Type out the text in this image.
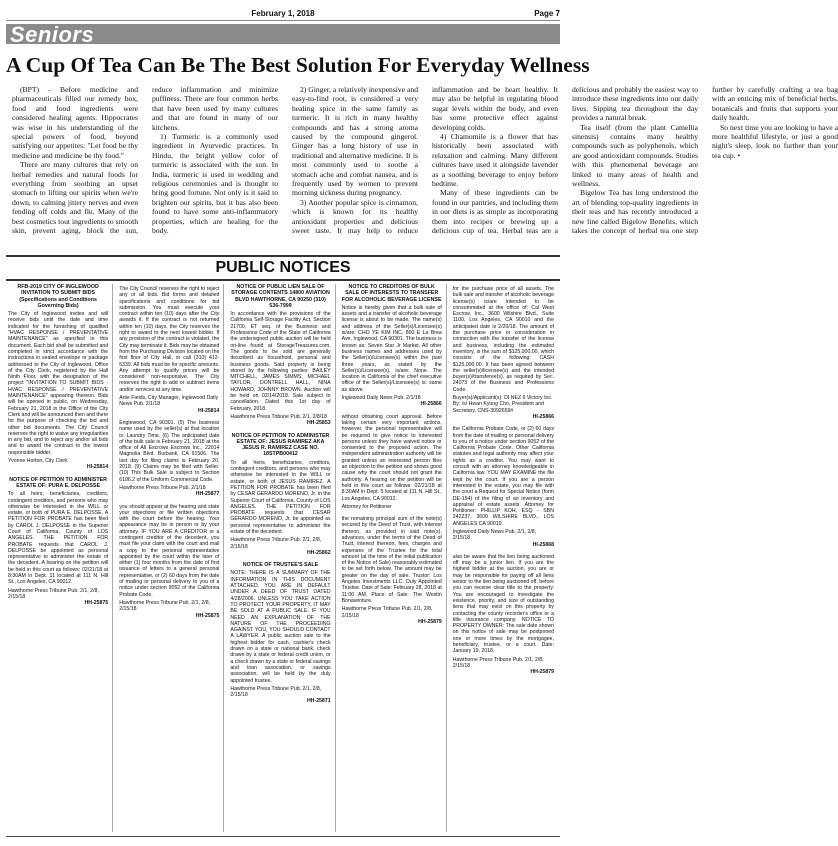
February 1, 2018	Page 7
Seniors
A Cup Of Tea Can Be The Best Solution For Everyday Wellness

(BPT) - Before medicine and pharmaceuticals filled our remedy box, food and food ingredients were considered healing agents. Hippocrates was wise in his understanding of the special powers of food, beyond satisfying our appetites: "Let food be thy medicine and medicine be thy food."

There are many cultures that rely on herbal remedies and natural foods for everything from soothing an upset stomach to lifting our spirits when we're down, to calming jittery nerves and even fending off colds and flu. Many of the best cosmetics tout ingredients to smooth skin, prevent aging, block the sun, reduce inflammation and minimize puffiness. There are four common herbs that have been used by many cultures and that are found in many of our kitchens.

1) Turmeric is a commonly used ingredient in Ayurvedic practices. In Hindu, the bright yellow color of turmeric is associated with the sun. In India, turmeric is used in wedding and religious ceremonies and is thought to bring good fortune. Not only is it said to brighten our spirits, but it has also been found to have some anti-inflammatory properties, which are healing for the body.

2) Ginger, a relatively inexpensive and easy-to-find root, is considered a very healing spice in the same family as turmeric. It is rich in many healthy compounds and has a strong aroma caused by the compound gingerol. Ginger has a long history of use in traditional and alternative medicine. It is most commonly used to soothe a stomach ache and combat nausea, and is frequently used by women to prevent morning sickness during pregnancy.

3) Another popular spice is cinnamon, which is known for its healthy antioxidant properties and delicious sweet taste. It may help to reduce inflammation and be heart healthy. It may also be helpful in regulating blood sugar levels within the body, and even has some protective effect against developing colds.

4) Chamomile is a flower that has historically been associated with relaxation and calming. Many different cultures have used it alongside lavender as a soothing beverage to enjoy before bedtime.

Many of these ingredients can be found in our pantries, and including them in our diets is as simple as incorporating them into recipes or brewing up a delicious cup of tea. Herbal teas are a delicious and probably the easiest way to introduce these ingredients into our daily lives. Sipping tea throughout the day provides a natural break.

Tea itself (from the plant Camellia sinensis) contains many healthy compounds such as polyphenols, which are good antioxidant compounds. Studies with this phenomenal beverage are linked to many areas of health and wellness.

Bigelow Tea has long understood the art of blending top-quality ingredients in their teas and has recently introduced a new line called Bigelow Benefits, which takes the concept of herbal tea one step further by carefully crafting a tea bag with an enticing mix of beneficial herbs, botanicals and fruits that supports your daily health.

So next time you are looking to have a more healthful lifestyle, or just a good night's sleep, look no further than your tea cup. •

PUBLIC NOTICES
RFB-2019 CITY OF INGLEWOOD INVITATION TO SUBMIT BIDS (Specifications and Conditions Governing Bids)
The City of Inglewood invites and will receive bids until the date and time indicated for the furnishing of qualified "HVAC RESPONSE / PREVENTATIVE MAINTENANCE" as specified in this document. Each bid shall be submitted and completed in strict accordance with the instructions in sealed envelope or package addressed to the City of Inglewood, Office of the City Clerk, registered by the Hall Ninth Floor, with the designation of the project "INVITATION TO SUBMIT BIDS - HVAC RESPONSE / PREVENTATIVE MAINTENANCE" appearing thereon. Bids will be opened in public, on Wednesday, February 21, 2018 in the Office of the City Clerk and will be announced then and there for the purpose of checking the bid and other bid documents. The City Council reserves the right to waive any irregularities in any bid, and to reject any and/or all bids and to award the contract to the lowest responsible bidder.
Yvonne Horton, City Clerk
HI-25814
NOTICE OF PETITION TO ADMINISTER ESTATE OF: PURA E. DELPOSSE
To all heirs, beneficiaries, creditors, contingent creditors, and persons who may otherwise be interested in the WILL or estate, or both of PURA E. DELPOSSE. A PETITION FOR PROBATE has been filed by CAROL J. DELPOSSE in the Superior Court of California, County of LOS ANGELES. THE PETITION FOR PROBATE requests that CAROL J. DELPOSSE be appointed as personal representative to administer the estate of the decedent. A hearing on the petition will be held in this court as follows: 02/21/18 at 8:30AM in Dept. 11 located at 111 N. Hill St., Los Angeles, CA 90012.
Hawthorne Press Tribune Pub. 2/1, 2/8, 2/15/18
HH-25875
The City Council reserves the right to reject any or all bids. Bid forms and detailed specifications and conditions for bid submission. You must execute your contract within ten (10) days after the City awards it. If the contract is not returned within ten (10) days, the City reserves the right to award to the next lowest bidder. If any provision of the contract is violated, the City may terminate it. Bids may be obtained from the Purchasing Division located on the first floor of City Hall, or call (310) 412-5339. All bids must be for specific amounts. Any attempt to qualify prices will be considered non-responsive. The City reserves the right to add or subtract items and/or services at any time.
Artie Fields, City Manager, Inglewood Daily News Pub. 2/1/18
HI-25814
Englewood, CA 90301. (5) The business name used by the seller(s) at that location is: Laundry Time. (6) The anticipated date of the bulk sale is February 21, 2018 at the office of All Escrows Escrows Inc., 22014 Magnolia Blvd. Burbank, CA 91506. The last day for filing claims is February 20, 2018. (9) Claims may be filed with Seller. (10) This Bulk Sale is subject to Section 6106.2 of the Uniform Commercial Code.
Hawthorne Press Tribune Pub. 2/1/18
HH-25877
you should appear at the hearing and state your objections or file written objections with the court before the hearing. Your appearance may be in person or by your attorney. IF YOU ARE A CREDITOR or a contingent creditor of the decedent, you must file your claim with the court and mail a copy to the personal representative appointed by the court within the later of either (1) four months from the date of first issuance of letters to a general personal representative, or (2) 60 days from the date of mailing or personal delivery to you of a notice under section 9052 of the California Probate Code.
Hawthorne Press Tribune Pub. 2/1, 2/8, 2/15/18
HH-25875
NOTICE OF PUBLIC LIEN SALE OF STORAGE CONTENTS 14800 AVIATION BLVD HAWTHORNE, CA 90250 (310) 536-7999
In accordance with the provisions of the California Self-Storage Facility Act, Section 21700, ET seq. of the Business and Professions Code of the State of California the undersigned public auction will be held on-line found at StorageTreasures.com. The goods to be sold are generally described as household, personal and business goods. Said property is being stored by the following parties: BAILEY MITCHELL, JAMES SIMMS, MICHAEL TAYLOR, DONTRELL HALL, NINA HOWARD, JOHNNY BROWN. Auction will be held on 02/14/2018. Sale subject to cancellation. Dated this 1st day of February, 2018.
Hawthorne Press Tribune Pub. 2/1, 2/8/18
HH-25853
NOTICE OF PETITION TO ADMINISTER ESTATE OF: JESUS RAMIREZ AKA JESUS R. RAMIREZ CASE NO. 18STPB00412
To all heirs, beneficiaries, creditors, contingent creditors, and persons who may otherwise be interested in the WILL or estate, or both of JESUS RAMIREZ. A PETITION FOR PROBATE has been filed by CESAR GERARDO MORENO, Jr. in the Superior Court of California, County of LOS ANGELES. THE PETITION FOR PROBATE requests that CESAR GERARDO MORENO, Jr. be appointed as personal representative to administer the estate of the decedent.
Hawthorne Press Tribune Pub. 2/1, 2/8, 2/15/18
HH-25862
NOTICE OF TRUSTEE'S SALE
NOTE: THERE IS A SUMMARY OF THE INFORMATION IN THIS DOCUMENT ATTACHED. YOU ARE IN DEFAULT UNDER A DEED OF TRUST DATED 4/28/2006. UNLESS YOU TAKE ACTION TO PROTECT YOUR PROPERTY, IT MAY BE SOLD AT A PUBLIC SALE. IF YOU NEED AN EXPLANATION OF THE NATURE OF THE PROCEEDING AGAINST YOU, YOU SHOULD CONTACT A LAWYER. A public auction sale to the highest bidder for cash, cashier's check drawn on a state or national bank, check drawn by a state or federal credit union, or a check drawn by a state or federal savings and loan association, or savings association, will be held by the duly appointed trustee.
Hawthorne Press Tribune Pub. 2/1, 2/8, 2/15/18
HH-25871
NOTICE TO CREDITORS OF BULK SALE OF INTERESTS TO TRANSFER FOR ALCOHOLIC BEVERAGE LICENSE
Notice is hereby given that a bulk sale of assets and a transfer of alcoholic beverage license is about to be made. The name(s) and address of the Seller(s)/Licensee(s) is/are: CHO YE KIM INC, 800 E La Brea Ave, Inglewood, CA 90301. The business is known as: Seven Star Jr Market. All other business names and addresses used by the Seller(s)/Licensee(s) within the past three years, as stated by the Seller(s)/Licensee(s), is/are: None. The location in California of the chief executive office of the Seller(s)/Licensee(s) is: same as above.
Inglewood Daily News Pub. 2/1/18
HI-25866
without obtaining court approval. Before taking certain very important actions, however, the personal representative will be required to give notice to interested persons unless they have waived notice or consented to the proposed action. The independent administration authority will be granted unless an interested person files an objection to the petition and shows good cause why the court should not grant the authority. A hearing on the petition will be held in this court as follows: 02/21/18 at 8:30AM in Dept. 5 located at 111 N. Hill St., Los Angeles, CA 90012.
Attorney for Petitioner
the remaining principal sum of the note(s) secured by the Deed of Trust, with interest thereon, as provided in said note(s), advances, under the terms of the Deed of Trust, interest thereon, fees, charges and expenses of the Trustee for the total amount (at the time of the initial publication of the Notice of Sale) reasonably estimated to be set forth below. The amount may be greater on the day of sale. Trustor: Los Angeles Investments LLC. Duly Appointed Trustee. Date of Sale: February 28, 2018 at 11:00 AM. Place of Sale: The Westin Bonaventure.
Hawthorne Press Tribune Pub. 2/1, 2/8, 2/15/18
HH-25879
for the purchase price of all assets. The bulk sale and transfer of alcoholic beverage license(s) is/are intended to be consummated at the office of: Cal West Escrow, Inc., 3600 Wilshire Blvd., Suite 1100, Los Angeles, CA 90010 and the anticipated date is 2/20/18. The amount of the purchase price or consideration in connection with the transfer of the license and business, including the estimated inventory, is the sum of $125,000.00, which consists of the following: CASH $125,000.00. It has been agreed between the seller(s)/licensee(s) and the intended buyer(s)/transferee(s), as required by Sec. 24073 of the Business and Professions Code.
Buyer(s)/Applicant(s): DI NEZ 9 Victory Inc. By: /s/ Hwan Kyung Cho, President and Secretary. CNS-3092659#
HI-25866
the California Probate Code, or (2) 60 days from the date of mailing or personal delivery to you of a notice under section 9052 of the California Probate Code. Other California statutes and legal authority may affect your rights as a creditor. You may want to consult with an attorney knowledgeable in California law. YOU MAY EXAMINE the file kept by the court. If you are a person interested in the estate, you may file with the court a Request for Special Notice (form DE-154) of the filing of an inventory and appraisal of estate assets. Attorney for Petitioner: PHILLIP KOH, ESQ - SBN 242237, 3600 WILSHIRE BLVD., LOS ANGELES CA 90010.
Inglewood Daily News Pub. 2/1, 2/8, 2/15/18
HI-25868
also be aware that the lien being auctioned off may be a junior lien. If you are the highest bidder at the auction, you are or may be responsible for paying off all liens senior to the lien being auctioned off, before you can receive clear title to the property. You are encouraged to investigate the existence, priority, and size of outstanding liens that may exist on this property by contacting the county recorder's office or a title insurance company. NOTICE TO PROPERTY OWNER: The sale date shown on this notice of sale may be postponed one or more times by the mortgagee, beneficiary, trustee, or a court. Date: January 19, 2018.
Hawthorne Press Tribune Pub. 2/1, 2/8, 2/15/18
HH-25879
